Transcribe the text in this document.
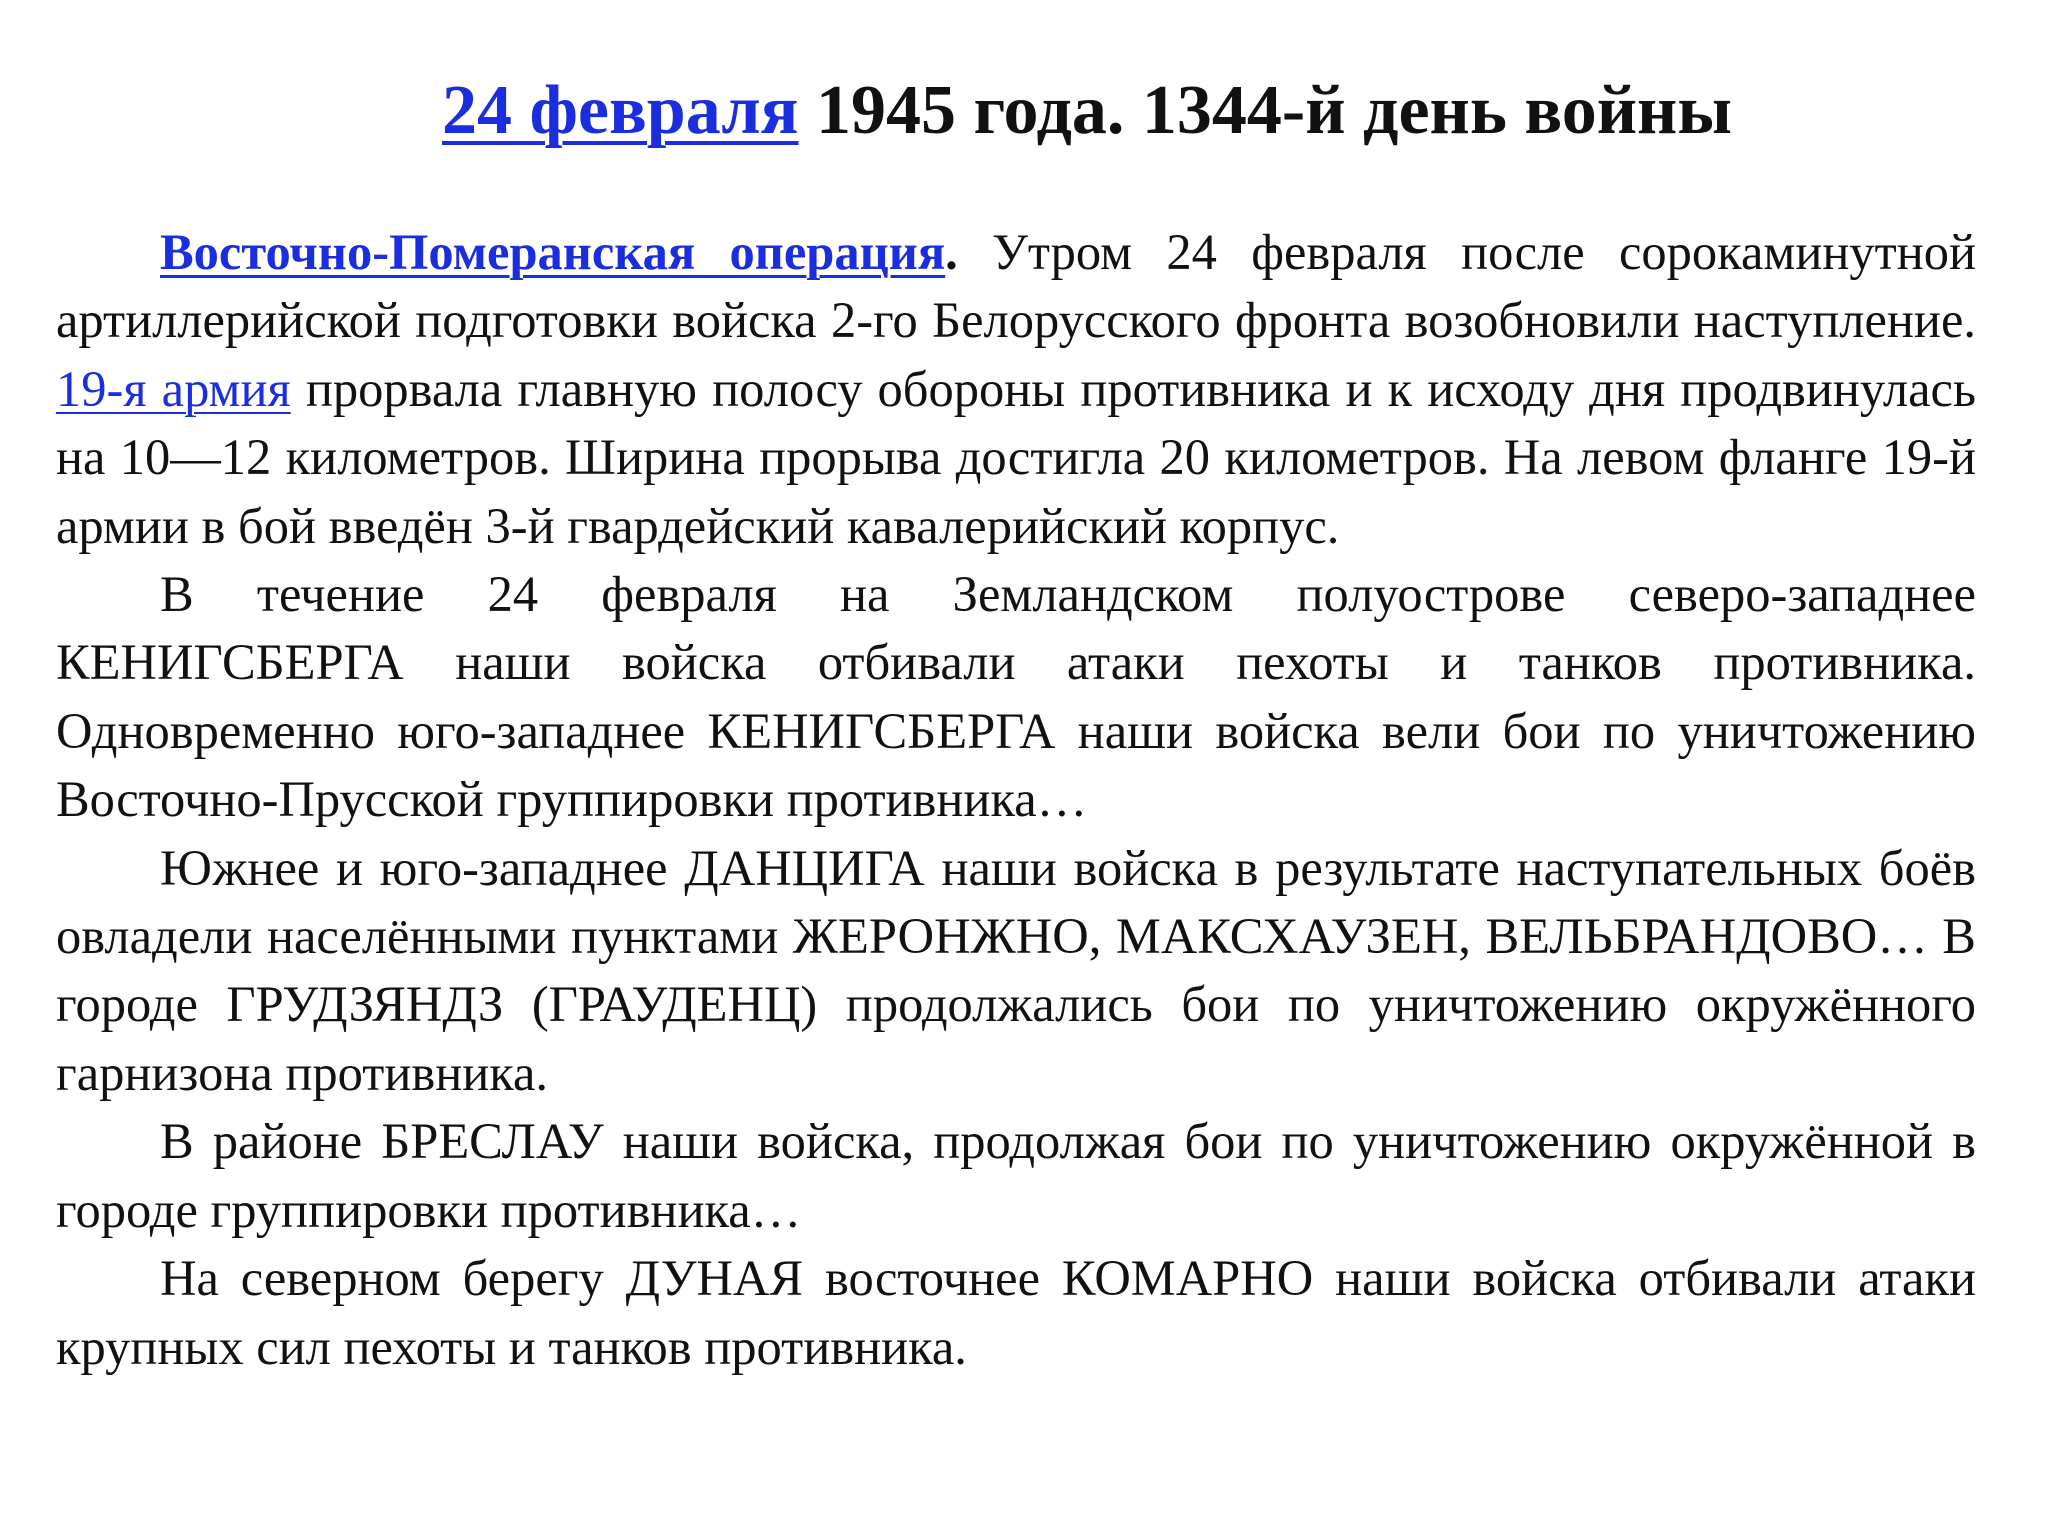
24 февраля 1945 года. 1344-й день войны

Восточно-Померанская операция. Утром 24 февраля после сорокаминутной артиллерийской подготовки войска 2-го Белорусского фронта возобновили наступление. 19-я армия прорвала главную полосу обороны противника и к исходу дня продвинулась на 10—12 километров. Ширина прорыва достигла 20 километров. На левом фланге 19-й армии в бой введён 3-й гвардейский кавалерийский корпус.

В течение 24 февраля на Земландском полуострове северо-западнее КЕНИГСБЕРГА наши войска отбивали атаки пехоты и танков противника. Одновременно юго-западнее КЕНИГСБЕРГА наши войска вели бои по уничтожению Восточно-Прусской группировки противника…

Южнее и юго-западнее ДАНЦИГА наши войска в результате наступательных боёв овладели населёнными пунктами ЖЕРОНЖНО, МАКСХАУЗЕН, ВЕЛЬБРАНДОВО… В городе ГРУДЗЯНДЗ (ГРАУДЕНЦ) продолжались бои по уничтожению окружённого гарнизона противника.

В районе БРЕСЛАУ наши войска, продолжая бои по уничтожению окружённой в городе группировки противника…

На северном берегу ДУНАЯ восточнее КОМАРНО наши войска отбивали атаки крупных сил пехоты и танков противника.
